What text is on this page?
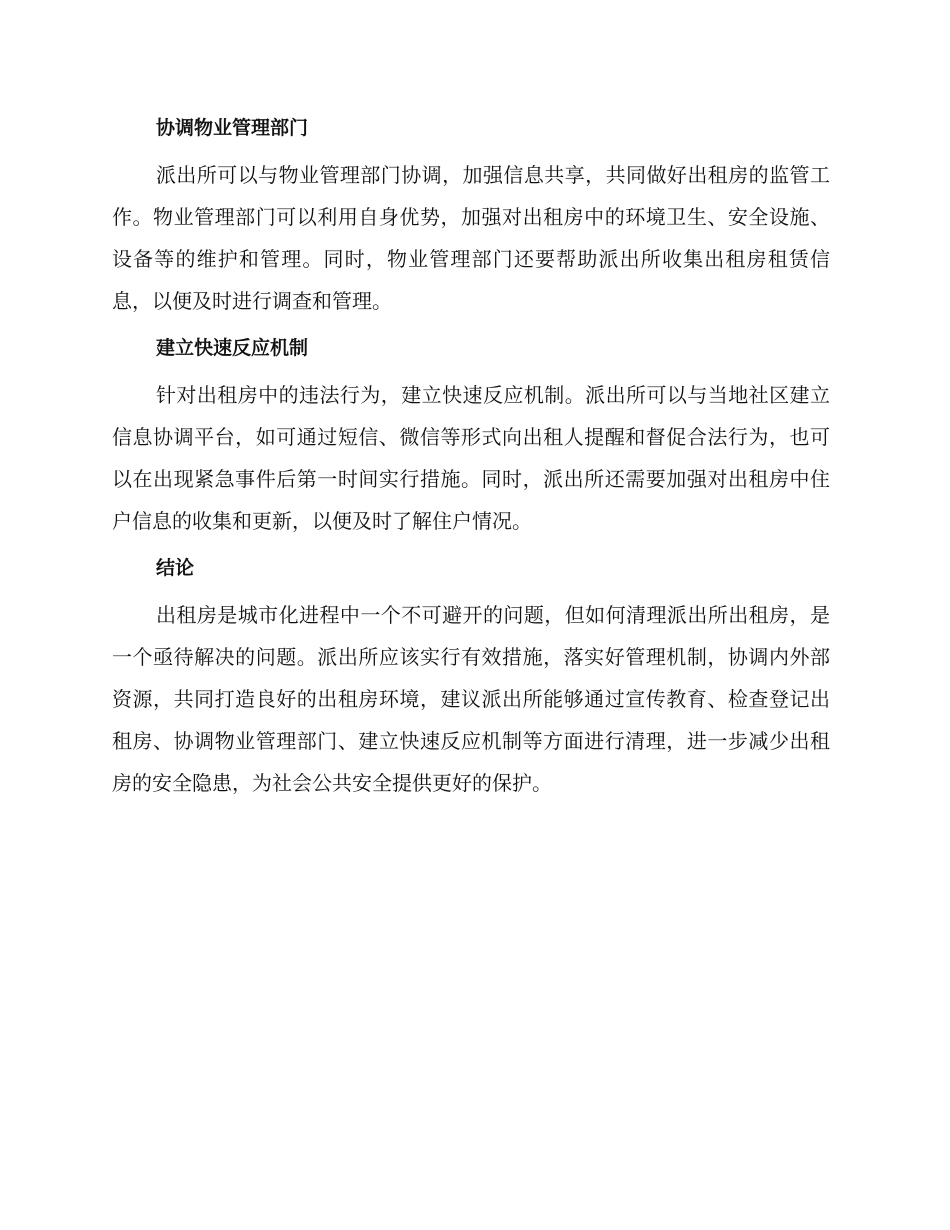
协调物业管理部门

派出所可以与物业管理部门协调，加强信息共享，共同做好出租房的监管工作。物业管理部门可以利用自身优势，加强对出租房中的环境卫生、安全设施、设备等的维护和管理。同时，物业管理部门还要帮助派出所收集出租房租赁信息，以便及时进行调查和管理。

建立快速反应机制

针对出租房中的违法行为，建立快速反应机制。派出所可以与当地社区建立信息协调平台，如可通过短信、微信等形式向出租人提醒和督促合法行为，也可以在出现紧急事件后第一时间实行措施。同时，派出所还需要加强对出租房中住户信息的收集和更新，以便及时了解住户情况。

结论

出租房是城市化进程中一个不可避开的问题，但如何清理派出所出租房，是一个亟待解决的问题。派出所应该实行有效措施，落实好管理机制，协调内外部资源，共同打造良好的出租房环境，建议派出所能够通过宣传教育、检查登记出租房、协调物业管理部门、建立快速反应机制等方面进行清理，进一步减少出租房的安全隐患，为社会公共安全提供更好的保护。
